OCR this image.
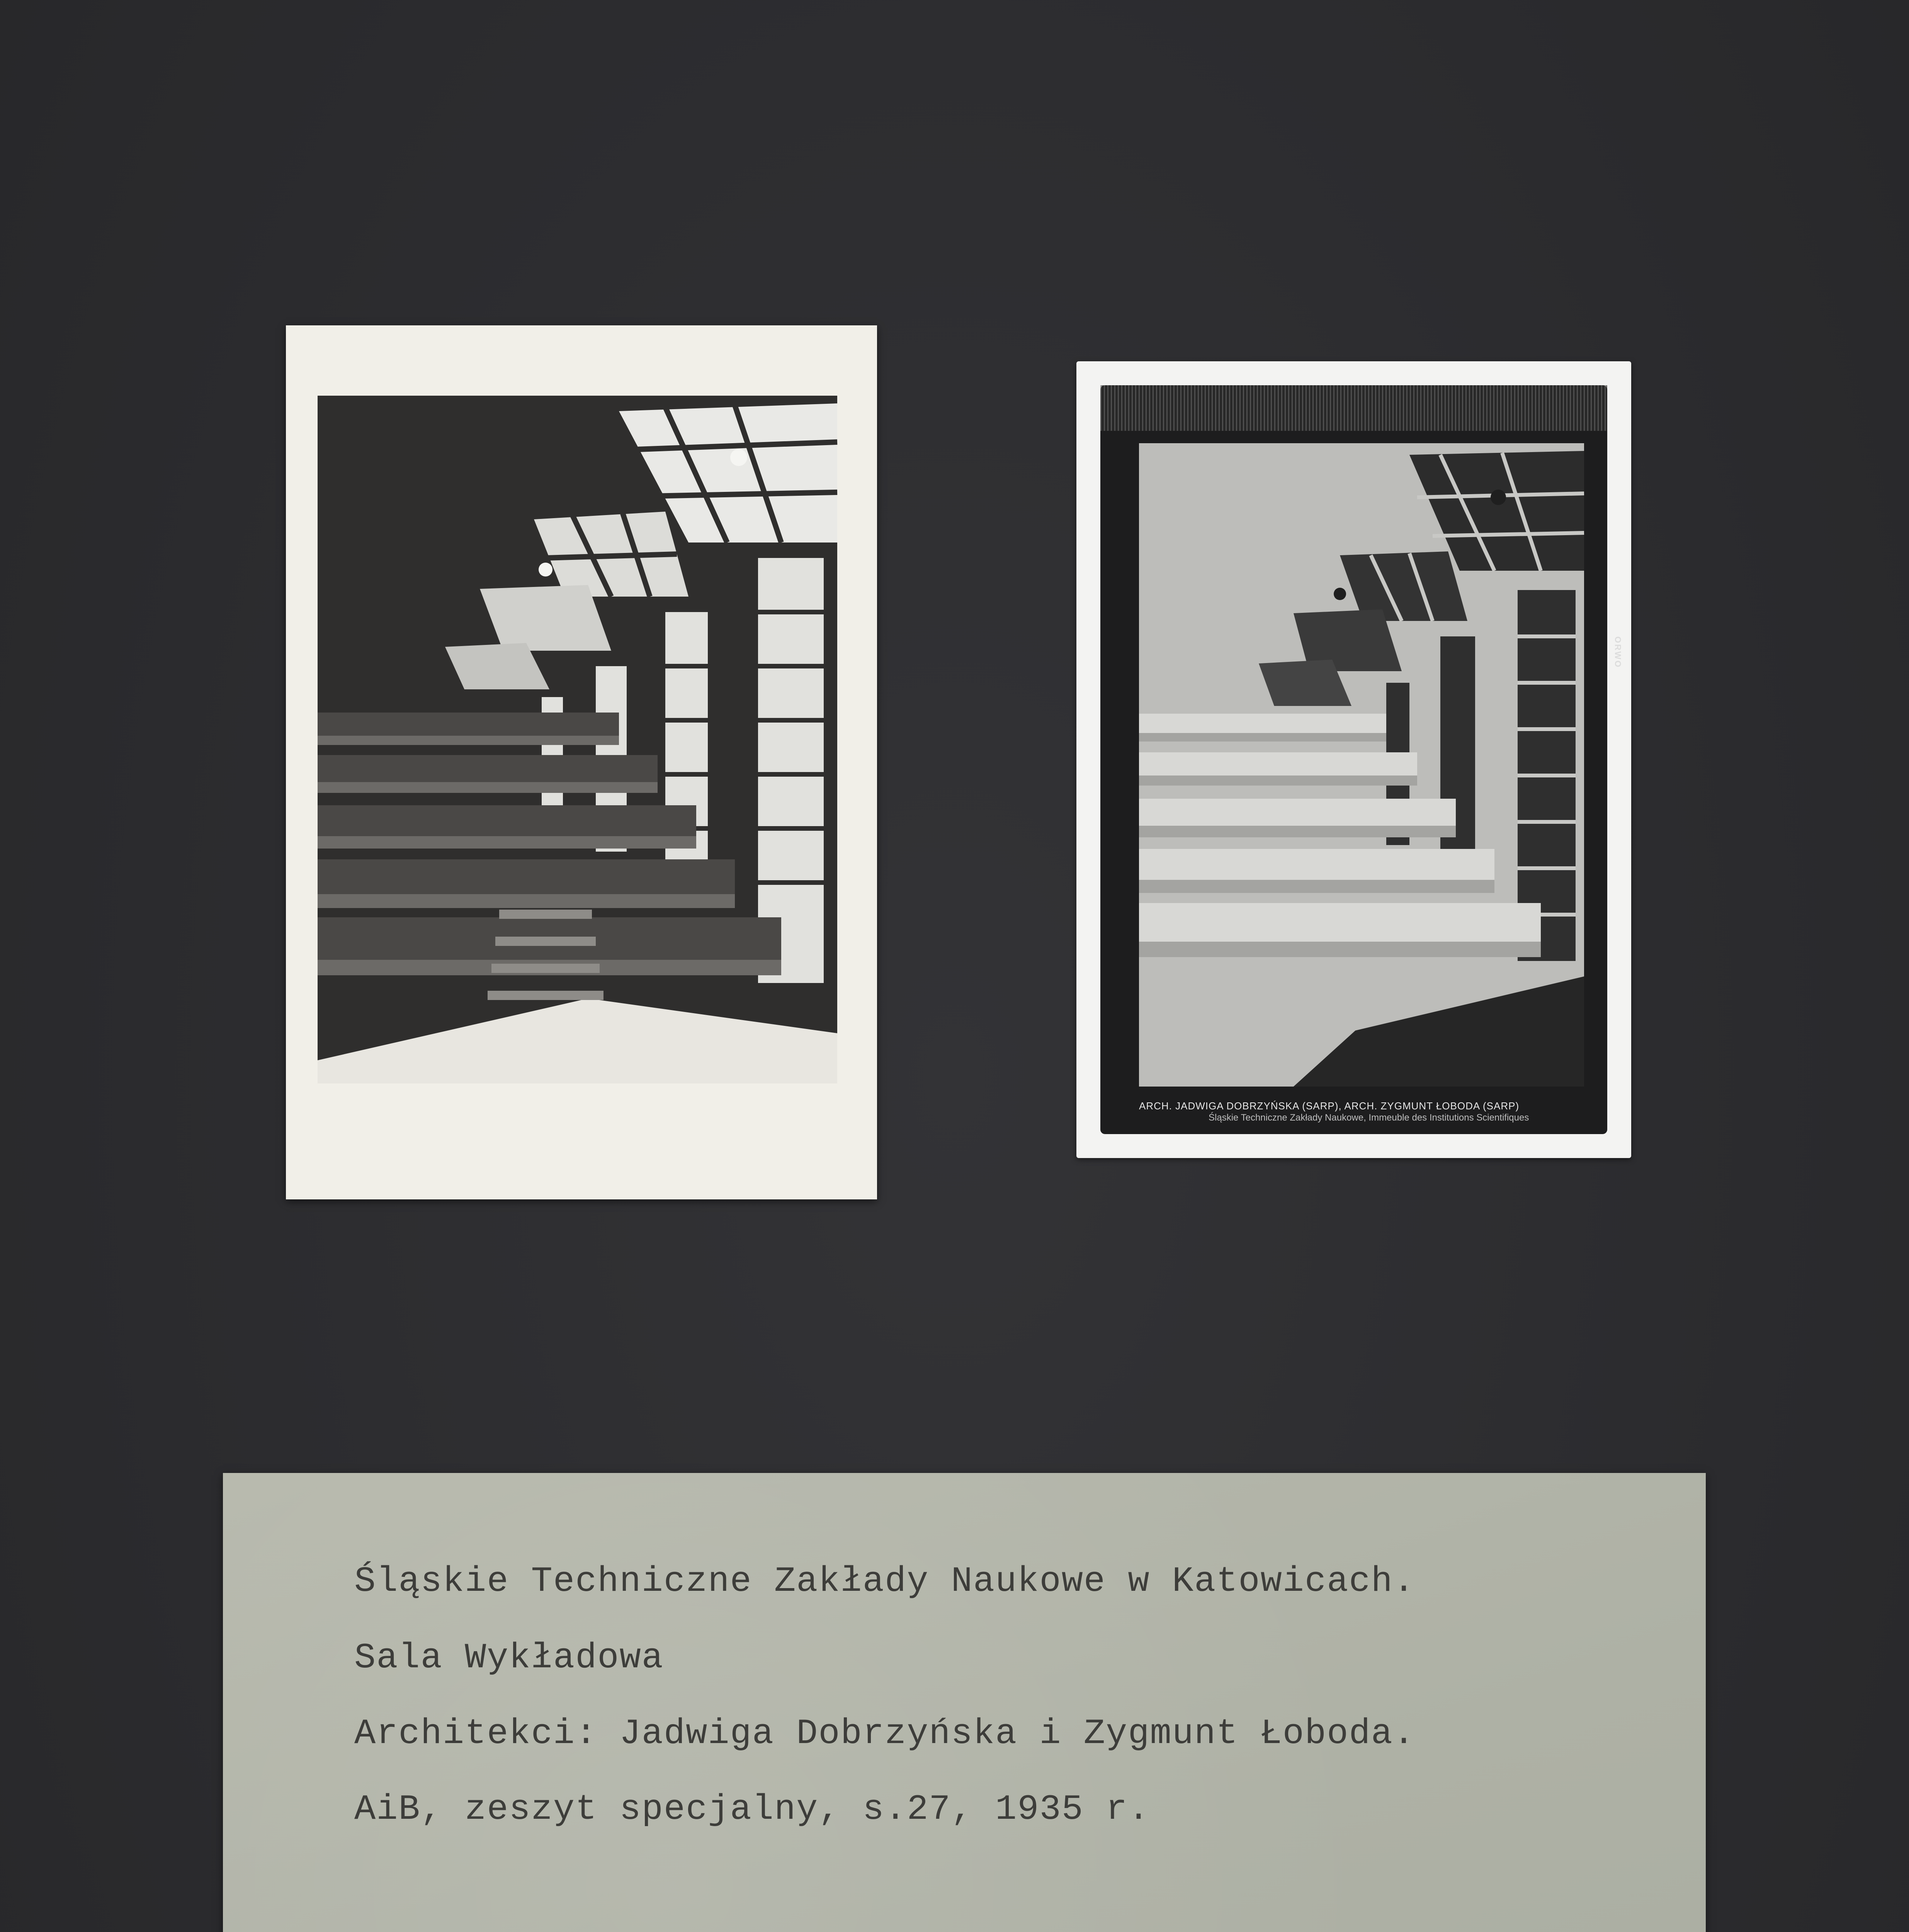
ARCH. JADWIGA DOBRZYŃSKA (SARP), ARCH. ZYGMUNT ŁOBODA (SARP)
Śląskie Techniczne Zakłady Naukowe, Immeuble des Institutions Scientifiques
ORWO
Śląskie Techniczne Zakłady Naukowe w Katowicach.
Sala Wykładowa
Architekci: Jadwiga Dobrzyńska i Zygmunt Łoboda.
AiB, zeszyt specjalny, s.27, 1935 r.
